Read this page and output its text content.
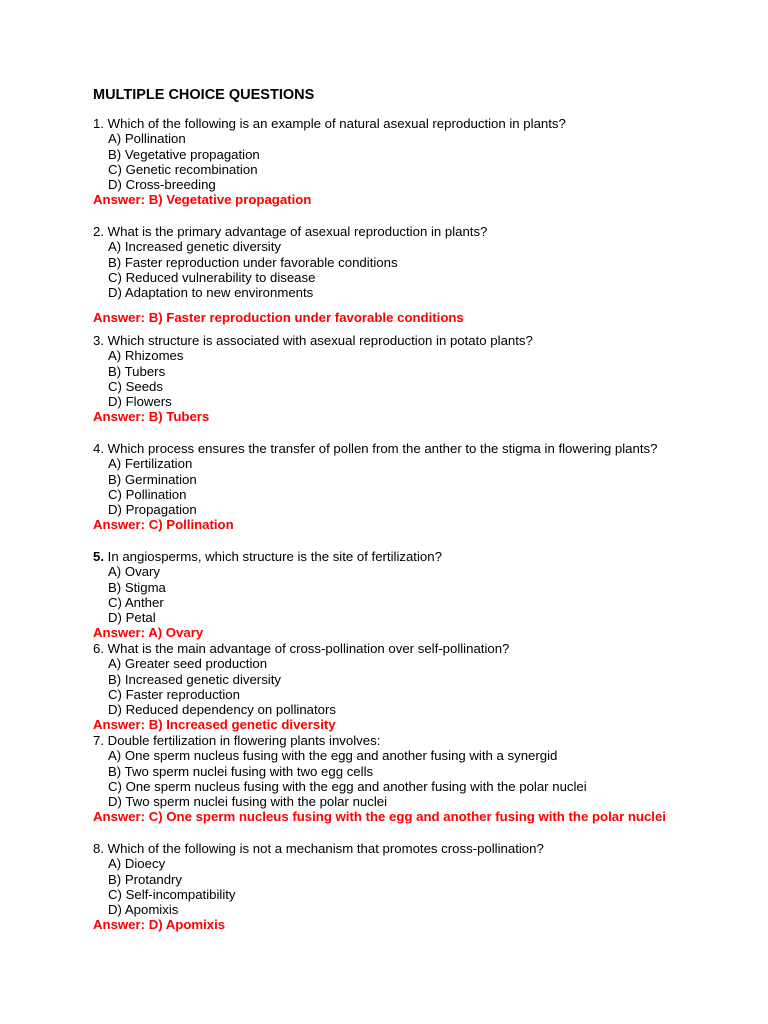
MULTIPLE CHOICE QUESTIONS
1. Which of the following is an example of natural asexual reproduction in plants?
A) Pollination
B) Vegetative propagation
C) Genetic recombination
D) Cross-breeding
Answer: B) Vegetative propagation
2. What is the primary advantage of asexual reproduction in plants?
A) Increased genetic diversity
B) Faster reproduction under favorable conditions
C) Reduced vulnerability to disease
D) Adaptation to new environments
Answer: B) Faster reproduction under favorable conditions
3. Which structure is associated with asexual reproduction in potato plants?
A) Rhizomes
B) Tubers
C) Seeds
D) Flowers
Answer: B) Tubers
4. Which process ensures the transfer of pollen from the anther to the stigma in flowering plants?
A) Fertilization
B) Germination
C) Pollination
D) Propagation
Answer: C) Pollination
5. In angiosperms, which structure is the site of fertilization?
A) Ovary
B) Stigma
C) Anther
D) Petal
Answer: A) Ovary
6. What is the main advantage of cross-pollination over self-pollination?
A) Greater seed production
B) Increased genetic diversity
C) Faster reproduction
D) Reduced dependency on pollinators
Answer: B) Increased genetic diversity
7. Double fertilization in flowering plants involves:
A) One sperm nucleus fusing with the egg and another fusing with a synergid
B) Two sperm nuclei fusing with two egg cells
C) One sperm nucleus fusing with the egg and another fusing with the polar nuclei
D) Two sperm nuclei fusing with the polar nuclei
Answer: C) One sperm nucleus fusing with the egg and another fusing with the polar nuclei
8. Which of the following is not a mechanism that promotes cross-pollination?
A) Dioecy
B) Protandry
C) Self-incompatibility
D) Apomixis
Answer: D) Apomixis
